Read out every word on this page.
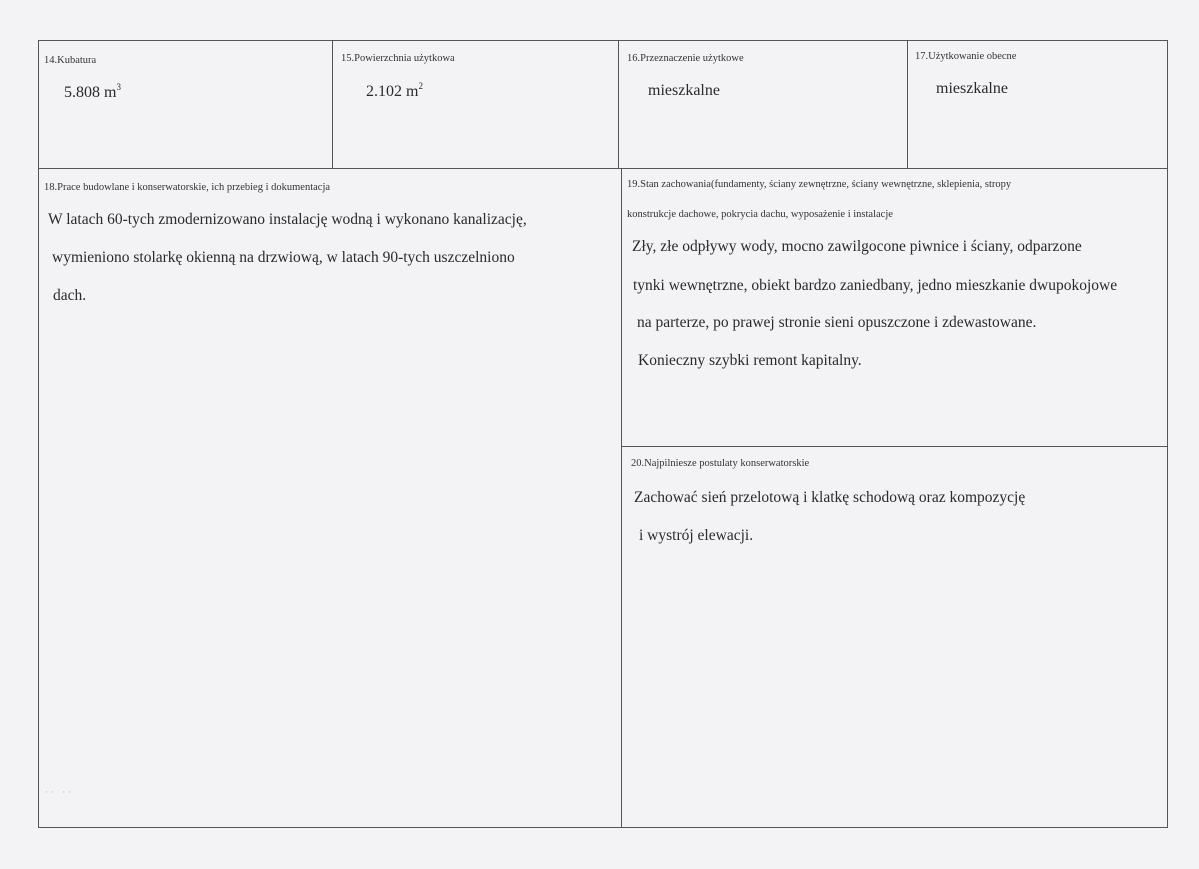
14.Kubatura
5.808 $m^3$
15.Powierzchnia użytkowa
2.102 $m^2$
16.Przeznaczenie użytkowe
mieszkalne
17.Użytkowanie obecne
mieszkalne
18.Prace budowlane i konserwatorskie, ich przebieg i dokumentacja
W latach 60-tych zmodernizowano instalację wodną i wykonano kanalizację,
wymieniono stolarkę okienną na drzwiową, w latach 90-tych uszczelniono
dach.
19.Stan zachowania(fundamenty, ściany zewnętrzne, ściany wewnętrzne, sklepienia, stropy
konstrukcje dachowe, pokrycia dachu, wyposażenie i instalacje
Zły, złe odpływy wody, mocno zawilgocone piwnice i ściany, odparzone
tynki wewnętrzne, obiekt bardzo zaniedbany, jedno mieszkanie dwupokojowe
na parterze, po prawej stronie sieni opuszczone i zdewastowane.
Konieczny szybki remont kapitalny.
20.Najpilniesze postulaty konserwatorskie
Zachować sień przelotową i klatkę schodową oraz kompozycję
i wystrój elewacji.
·· ··
